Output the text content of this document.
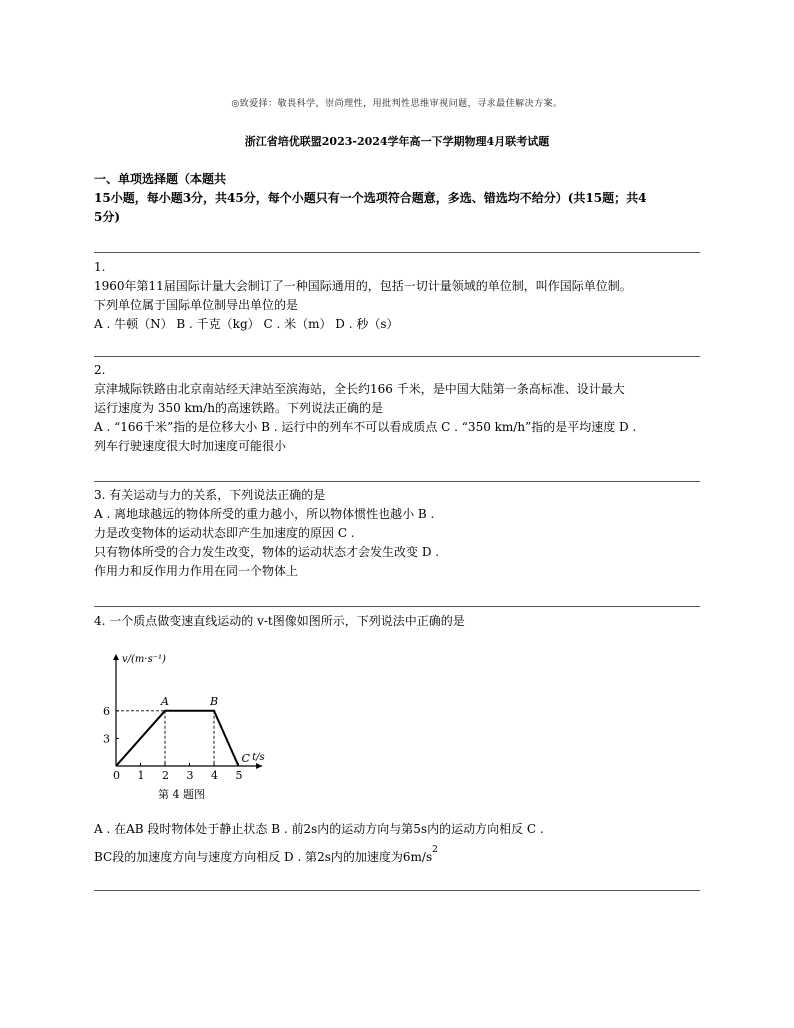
◎致爱择：敬畏科学，崇尚理性，用批判性思维审视问题，寻求最佳解决方案。
浙江省培优联盟2023-2024学年高一下学期物理4月联考试题
一、单项选择题（本题共
15小题，每小题3分，共45分，每个小题只有一个选项符合题意，多选、错选均不给分）(共15题；共4
5分)
1.
1960年第11届国际计量大会制订了一种国际通用的，包括一切计量领域的单位制，叫作国际单位制。
下列单位属于国际单位制导出单位的是
A . 牛顿（N） B . 千克（kg） C . 米（m） D . 秒（s）
2.
京津城际铁路由北京南站经天津站至滨海站，全长约166 千米，是中国大陆第一条高标准、设计最大
运行速度为 350 km/h的高速铁路。下列说法正确的是
A . “166千米”指的是位移大小 B . 运行中的列车不可以看成质点 C . “350 km/h”指的是平均速度 D .
列车行驶速度很大时加速度可能很小
3. 有关运动与力的关系，下列说法正确的是
A . 离地球越远的物体所受的重力越小，所以物体惯性也越小 B .
力是改变物体的运动状态即产生加速度的原因 C .
只有物体所受的合力发生改变，物体的运动状态才会发生改变 D .
作用力和反作用力作用在同一个物体上
4. 一个质点做变速直线运动的 v-t图像如图所示，下列说法中正确的是
v/(m·s⁻¹)
t/s
0 1 2 3 4 5
3
6
A	B
C
第 4 题图
A . 在AB 段时物体处于静止状态 B . 前2s内的运动方向与第5s内的运动方向相反 C .
BC段的加速度方向与速度方向相反 D . 第2s内的加速度为$6m/s^2$
